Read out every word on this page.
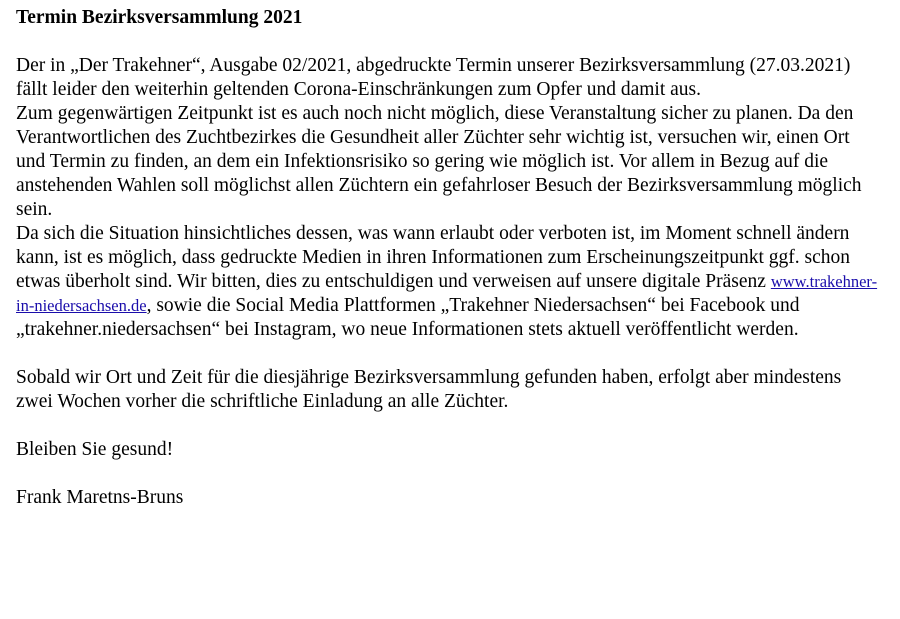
Termin Bezirksversammlung 2021

Der in „Der Trakehner“, Ausgabe 02/2021, abgedruckte Termin unserer Bezirksversammlung (27.03.2021) fällt leider den weiterhin geltenden Corona-Einschränkungen zum Opfer und damit aus.

Zum gegenwärtigen Zeitpunkt ist es auch noch nicht möglich, diese Veranstaltung sicher zu planen. Da den Verantwortlichen des Zuchtbezirkes die Gesundheit aller Züchter sehr wichtig ist, versuchen wir, einen Ort und Termin zu finden, an dem ein Infektionsrisiko so gering wie möglich ist. Vor allem in Bezug auf die anstehenden Wahlen soll möglichst allen Züchtern ein gefahrloser Besuch der Bezirksversammlung möglich sein.

Da sich die Situation hinsichtliches dessen, was wann erlaubt oder verboten ist, im Moment schnell ändern kann, ist es möglich, dass gedruckte Medien in ihren Informationen zum Erscheinungszeitpunkt ggf. schon etwas überholt sind. Wir bitten, dies zu entschuldigen und verweisen auf unsere digitale Präsenz www.trakehner-in-niedersachsen.de, sowie die Social Media Plattformen „Trakehner Niedersachsen“ bei Facebook und „trakehner.niedersachsen“ bei Instagram, wo neue Informationen stets aktuell veröffentlicht werden.

Sobald wir Ort und Zeit für die diesjährige Bezirksversammlung gefunden haben, erfolgt aber mindestens zwei Wochen vorher die schriftliche Einladung an alle Züchter.

Bleiben Sie gesund!

Frank Maretns-Bruns
